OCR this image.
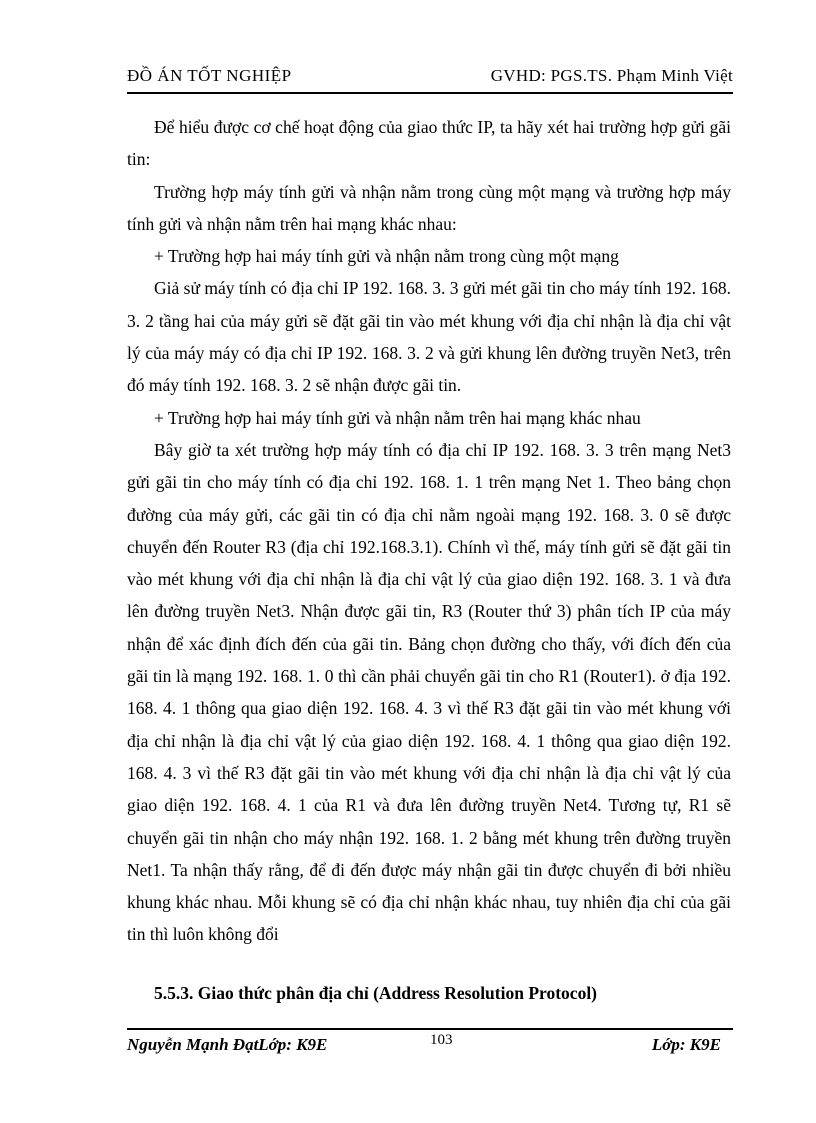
ĐỒ ÁN TỐT NGHIỆP	GVHD: PGS.TS. Phạm Minh Việt

Để hiểu được cơ chế hoạt động của giao thức IP, ta hãy xét hai trường hợp gửi gãi tin:

Trường hợp máy tính gửi và nhận nằm trong cùng một mạng và trường hợp máy tính gửi và nhận nằm trên hai mạng khác nhau:

+ Trường hợp hai máy tính gửi và nhận nằm trong cùng một mạng

Giả sử máy tính có địa chỉ IP 192. 168. 3. 3 gửi mét gãi tin cho máy tính 192. 168. 3. 2 tầng hai của máy gửi sẽ đặt gãi tin vào mét khung với địa chỉ nhận là địa chỉ vật lý của máy máy có địa chỉ IP 192. 168. 3. 2 và gửi khung lên đường truyền Net3, trên đó máy tính 192. 168. 3. 2 sẽ nhận được gãi tin.

+ Trường hợp hai máy tính gửi và nhận nằm trên hai mạng khác nhau

Bây giờ ta xét trường hợp máy tính có địa chỉ IP 192. 168. 3. 3 trên mạng Net3 gửi gãi tin cho máy tính có địa chỉ 192. 168. 1. 1 trên mạng Net 1. Theo bảng chọn đường của máy gửi, các gãi tin có địa chỉ nằm ngoài mạng 192. 168. 3. 0 sẽ được chuyển đến Router R3 (địa chỉ 192.168.3.1). Chính vì thế, máy tính gửi sẽ đặt gãi tin vào mét khung với địa chỉ nhận là địa chỉ vật lý của giao diện 192. 168. 3. 1 và đưa lên đường truyền Net3. Nhận được gãi tin, R3 (Router thứ 3) phân tích IP của máy nhận để xác định đích đến của gãi tin. Bảng chọn đường cho thấy, với đích đến của gãi tin là mạng 192. 168. 1. 0 thì cần phải chuyển gãi tin cho R1 (Router1). ở địa 192. 168. 4. 1 thông qua giao diện 192. 168. 4. 3 vì thế R3 đặt gãi tin vào mét khung với địa chỉ nhận là địa chỉ vật lý của giao diện 192. 168. 4. 1 thông qua giao diện 192. 168. 4. 3 vì thế R3 đặt gãi tin vào mét khung với địa chỉ nhận là địa chỉ vật lý của giao diện 192. 168. 4. 1 của R1 và đưa lên đường truyền Net4. Tương tự, R1 sẽ chuyển gãi tin nhận cho máy nhận 192. 168. 1. 2 bằng mét khung trên đường truyền Net1. Ta nhận thấy rằng, để đi đến được máy nhận gãi tin được chuyển đi bởi nhiều khung khác nhau. Mỗi khung sẽ có địa chỉ nhận khác nhau, tuy nhiên địa chỉ của gãi tin thì luôn không đổi

5.5.3. Giao thức phân địa chỉ (Address Resolution Protocol)
Nguyễn Mạnh ĐạtLớp: K9E	103	Lớp: K9E
